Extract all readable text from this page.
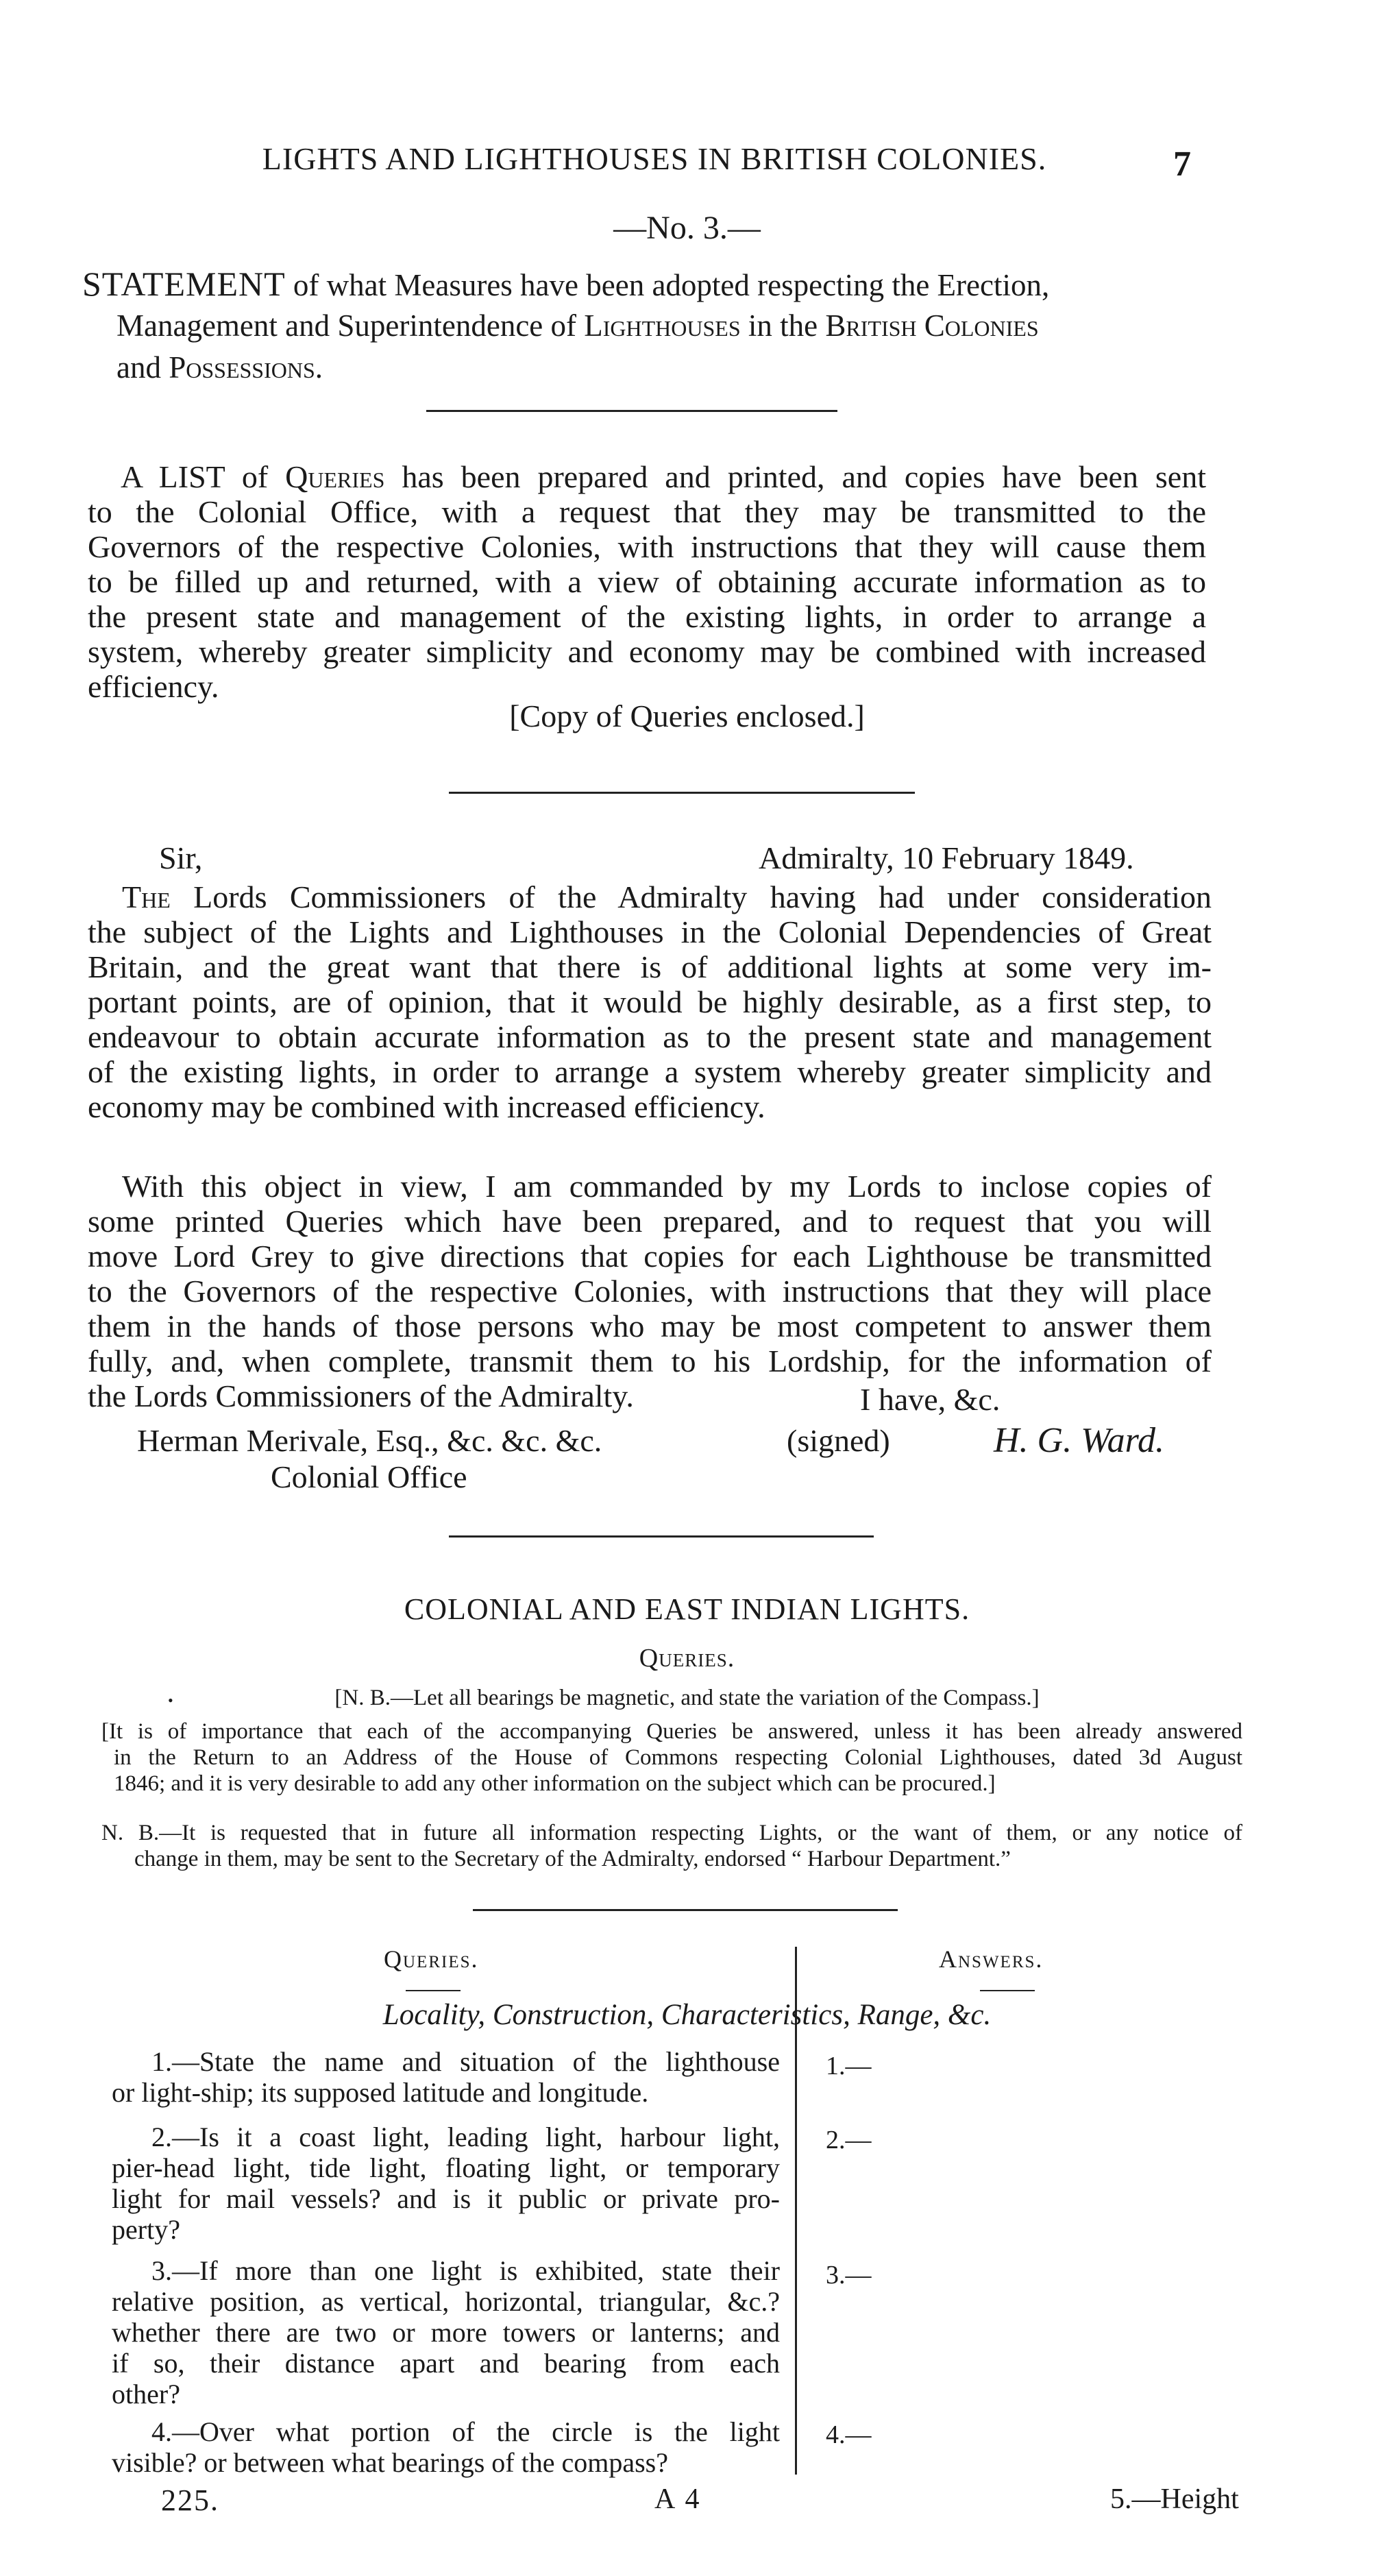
LIGHTS AND LIGHTHOUSES IN BRITISH COLONIES.	7
—No. 3.—
STATEMENT of what Measures have been adopted respecting the Erection,
Management and Superintendence of Lighthouses in the British Colonies
and Possessions.
A LIST of Queries has been prepared and printed, and copies have been sent
to the Colonial Office, with a request that they may be transmitted to the
Governors of the respective Colonies, with instructions that they will cause them
to be filled up and returned, with a view of obtaining accurate information as to
the present state and management of the existing lights, in order to arrange a
system, whereby greater simplicity and economy may be combined with increased
efficiency.
[Copy of Queries enclosed.]
Sir,	Admiralty, 10 February 1849.
The Lords Commissioners of the Admiralty having had under consideration
the subject of the Lights and Lighthouses in the Colonial Dependencies of Great
Britain, and the great want that there is of additional lights at some very im-
portant points, are of opinion, that it would be highly desirable, as a first step, to
endeavour to obtain accurate information as to the present state and management
of the existing lights, in order to arrange a system whereby greater simplicity and
economy may be combined with increased efficiency.
With this object in view, I am commanded by my Lords to inclose copies of
some printed Queries which have been prepared, and to request that you will
move Lord Grey to give directions that copies for each Lighthouse be transmitted
to the Governors of the respective Colonies, with instructions that they will place
them in the hands of those persons who may be most competent to answer them
fully, and, when complete, transmit them to his Lordship, for the information of
the Lords Commissioners of the Admiralty.	I have, &c.
Herman Merivale, Esq., &c. &c. &c.
Colonial Office
(signed)	H. G. Ward.
COLONIAL AND EAST INDIAN LIGHTS.
Queries.
•	[N. B.—Let all bearings be magnetic, and state the variation of the Compass.]
[It is of importance that each of the accompanying Queries be answered, unless it has been already answered
in the Return to an Address of the House of Commons respecting Colonial Lighthouses, dated 3d August
1846; and it is very desirable to add any other information on the subject which can be procured.]
N. B.—It is requested that in future all information respecting Lights, or the want of them, or any notice of
change in them, may be sent to the Secretary of the Admiralty, endorsed “ Harbour Department.”
Queries.	Answers.
Locality, Construction, Characteristics, Range, &c.
1.—State the name and situation of the lighthouse
or light-ship; its supposed latitude and longitude.
1.—
2.—Is it a coast light, leading light, harbour light,
pier-head light, tide light, floating light, or temporary
light for mail vessels? and is it public or private pro-
perty?
2.—
3.—If more than one light is exhibited, state their
relative position, as vertical, horizontal, triangular, &c.?
whether there are two or more towers or lanterns; and
if so, their distance apart and bearing from each
other?
3.—
4.—Over what portion of the circle is the light
visible? or between what bearings of the compass?
4.—
225.	A 4	5.—Height
